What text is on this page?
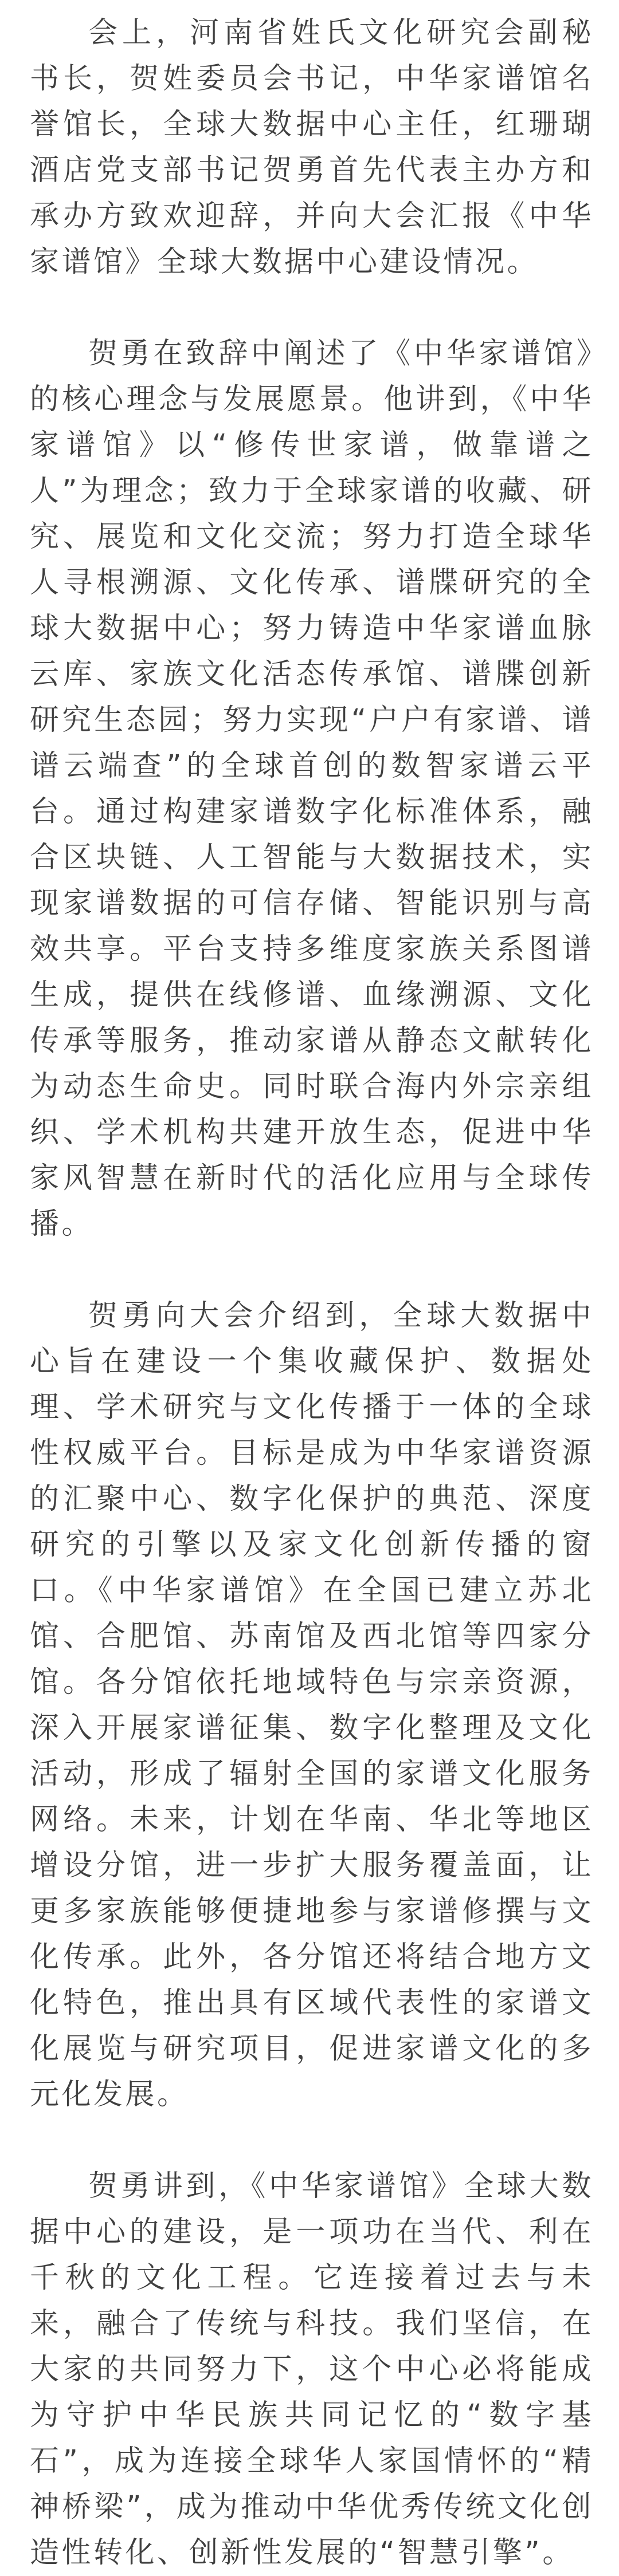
会上，河南省姓氏文化研究会副秘书长，贺姓委员会书记，中华家谱馆名誉馆长，全球大数据中心主任，红珊瑚酒店党支部书记贺勇首先代表主办方和承办方致欢迎辞，并向大会汇报《中华家谱馆》全球大数据中心建设情况。

贺勇在致辞中阐述了《中华家谱馆》的核心理念与发展愿景。他讲到，《中华家谱馆》以“修传世家谱，做靠谱之人”为理念；致力于全球家谱的收藏、研究、展览和文化交流；努力打造全球华人寻根溯源、文化传承、谱牒研究的全球大数据中心；努力铸造中华家谱血脉云库、家族文化活态传承馆、谱牒创新研究生态园；努力实现“户户有家谱、谱谱云端查”的全球首创的数智家谱云平台。通过构建家谱数字化标准体系，融合区块链、人工智能与大数据技术，实现家谱数据的可信存储、智能识别与高效共享。平台支持多维度家族关系图谱生成，提供在线修谱、血缘溯源、文化传承等服务，推动家谱从静态文献转化为动态生命史。同时联合海内外宗亲组织、学术机构共建开放生态，促进中华家风智慧在新时代的活化应用与全球传播。

贺勇向大会介绍到，全球大数据中心旨在建设一个集收藏保护、数据处理、学术研究与文化传播于一体的全球性权威平台。目标是成为中华家谱资源的汇聚中心、数字化保护的典范、深度研究的引擎以及家文化创新传播的窗口。《中华家谱馆》在全国已建立苏北馆、合肥馆、苏南馆及西北馆等四家分馆。各分馆依托地域特色与宗亲资源，深入开展家谱征集、数字化整理及文化活动，形成了辐射全国的家谱文化服务网络。未来，计划在华南、华北等地区增设分馆，进一步扩大服务覆盖面，让更多家族能够便捷地参与家谱修撰与文化传承。此外，各分馆还将结合地方文化特色，推出具有区域代表性的家谱文化展览与研究项目，促进家谱文化的多元化发展。

贺勇讲到，《中华家谱馆》全球大数据中心的建设，是一项功在当代、利在千秋的文化工程。它连接着过去与未来，融合了传统与科技。我们坚信，在大家的共同努力下，这个中心必将能成为守护中华民族共同记忆的“数字基石”，成为连接全球华人家国情怀的“精神桥梁”，成为推动中华优秀传统文化创造性转化、创新性发展的“智慧引擎”。
